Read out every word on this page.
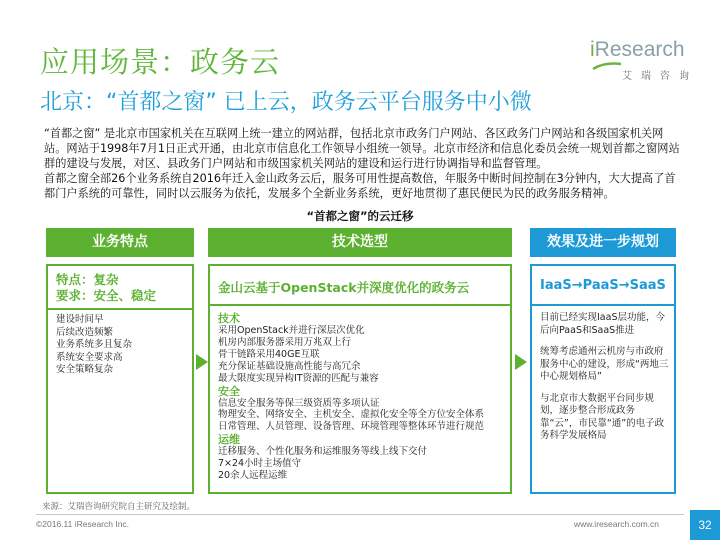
应用场景：政务云
北京：“首都之窗” 已上云，政务云平台服务中小微
iResearch
艾瑞咨询

“首都之窗” 是北京市国家机关在互联网上统一建立的网站群，包括北京市政务门户网站、各区政务门户网站和各级国家机关网站。网站于1998年7月1日正式开通，由北京市信息化工作领导小组统一领导。北京市经济和信息化委员会统一规划首都之窗网站群的建设与发展，对区、县政务门户网站和市级国家机关网站的建设和运行进行协调指导和监督管理。

首都之窗全部26个业务系统自2016年迁入金山政务云后，服务可用性提高数倍，年服务中断时间控制在3分钟内，大大提高了首都门户系统的可靠性，同时以云服务为依托，发展多个全新业务系统，更好地贯彻了惠民便民为民的政务服务精神。

“首都之窗”的云迁移
业务特点	技术选型	效果及进一步规划
特点：复杂
要求：安全、稳定
建设时间早
后续改造频繁
业务系统多且复杂
系统安全要求高
安全策略复杂
金山云基于OpenStack并深度优化的政务云
技术
采用OpenStack并进行深层次优化
机房内部服务器采用万兆双上行
骨干链路采用40GE互联
充分保证基础设施高性能与高冗余
最大限度实现异构IT资源的匹配与兼容
安全
信息安全服务等保三级资质等多项认证
物理安全、网络安全、主机安全、虚拟化安全等全方位安全体系
日常管理、人员管理、设备管理、环境管理等整体环节进行规范
运维
迁移服务、个性化服务和运维服务等线上线下交付
7×24小时主场值守
20余人远程运维
IaaS→PaaS→SaaS

目前已经实现IaaS层功能，今后向PaaS和SaaS推进

统筹考虑通州云机房与市政府服务中心的建设，形成“两地三中心规划格局”

与北京市大数据平台同步规划，逐步整合形成政务靠“云”，市民靠“通”的电子政务科学发展格局

来源：艾瑞咨询研究院自主研究及绘制。
©2016.11 iResearch Inc.	www.iresearch.com.cn	32
